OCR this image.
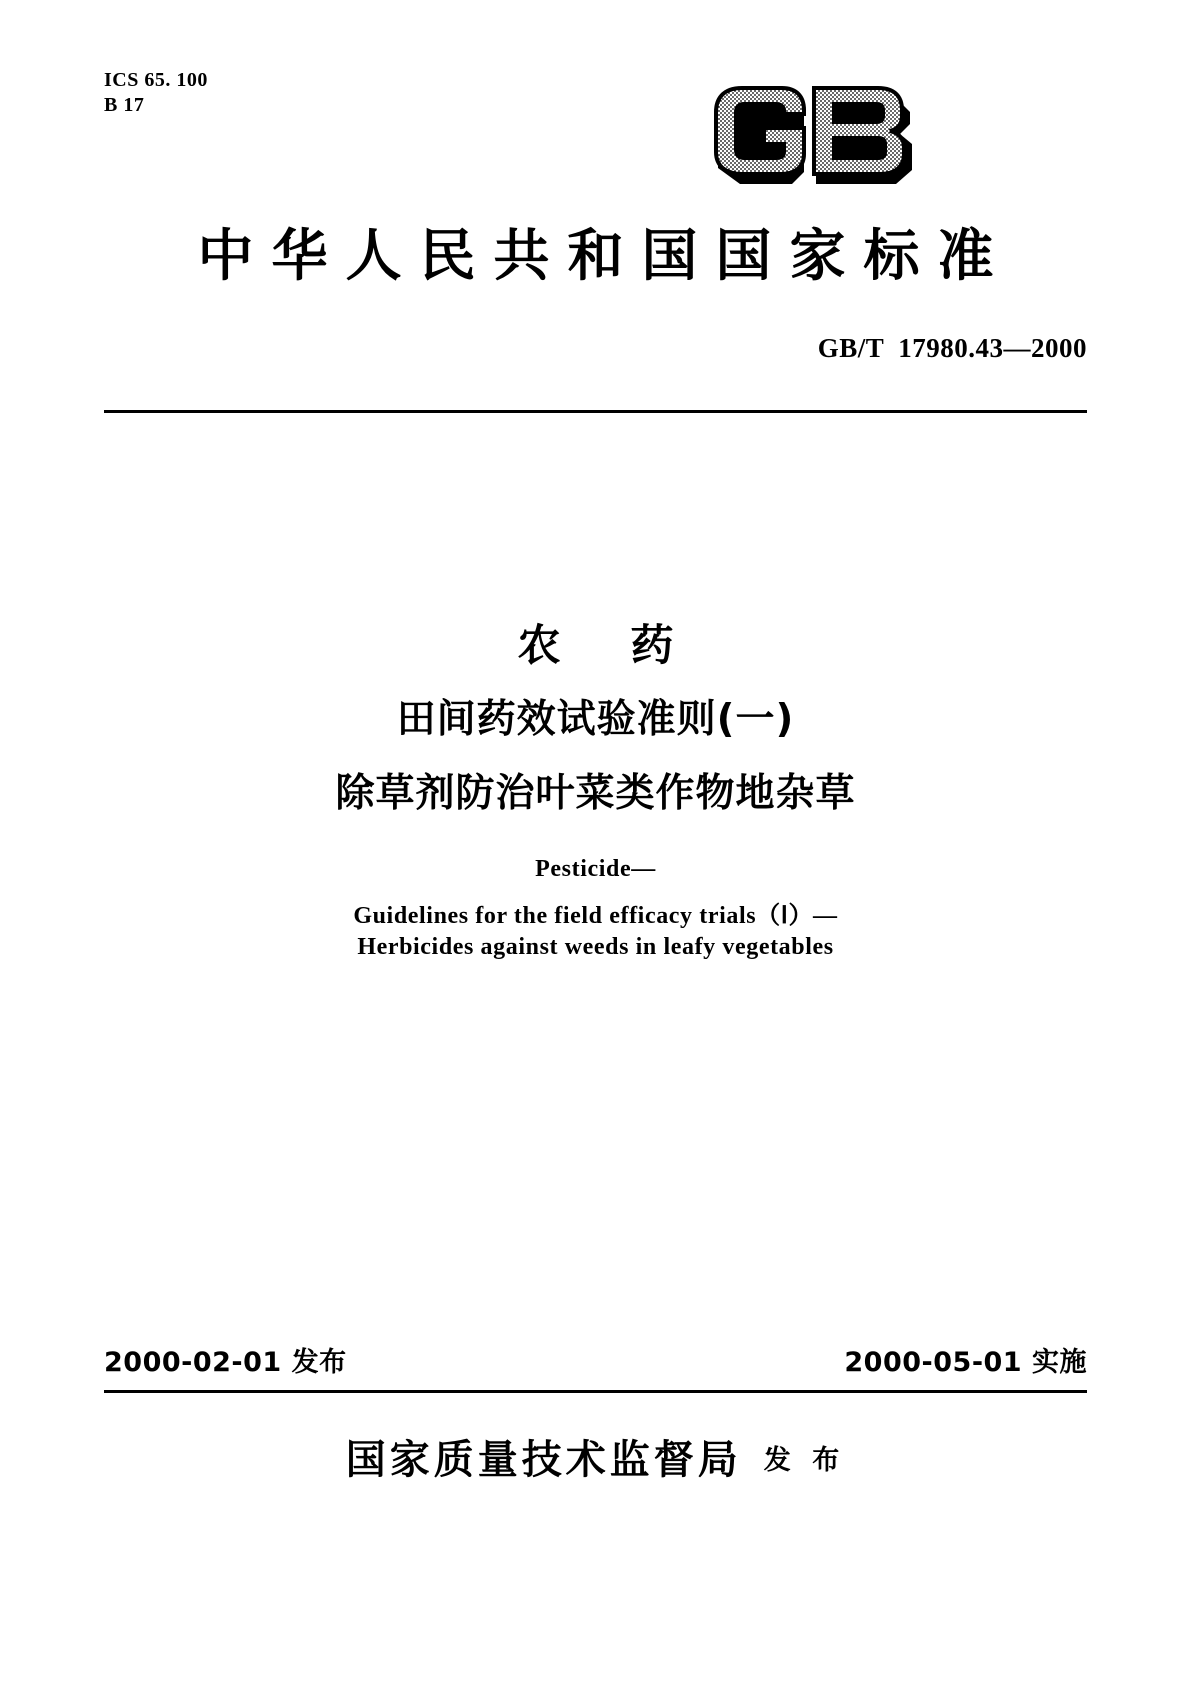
ICS 65. 100
B 17
中华人民共和国国家标准
GB/T  17980.43—2000
农药
田间药效试验准则(一)
除草剂防治叶菜类作物地杂草
Pesticide—
Guidelines for the field efficacy trials（Ⅰ）—
Herbicides against weeds in leafy vegetables
2000-02-01 发布	2000-05-01 实施
国家质量技术监督局 发 布
